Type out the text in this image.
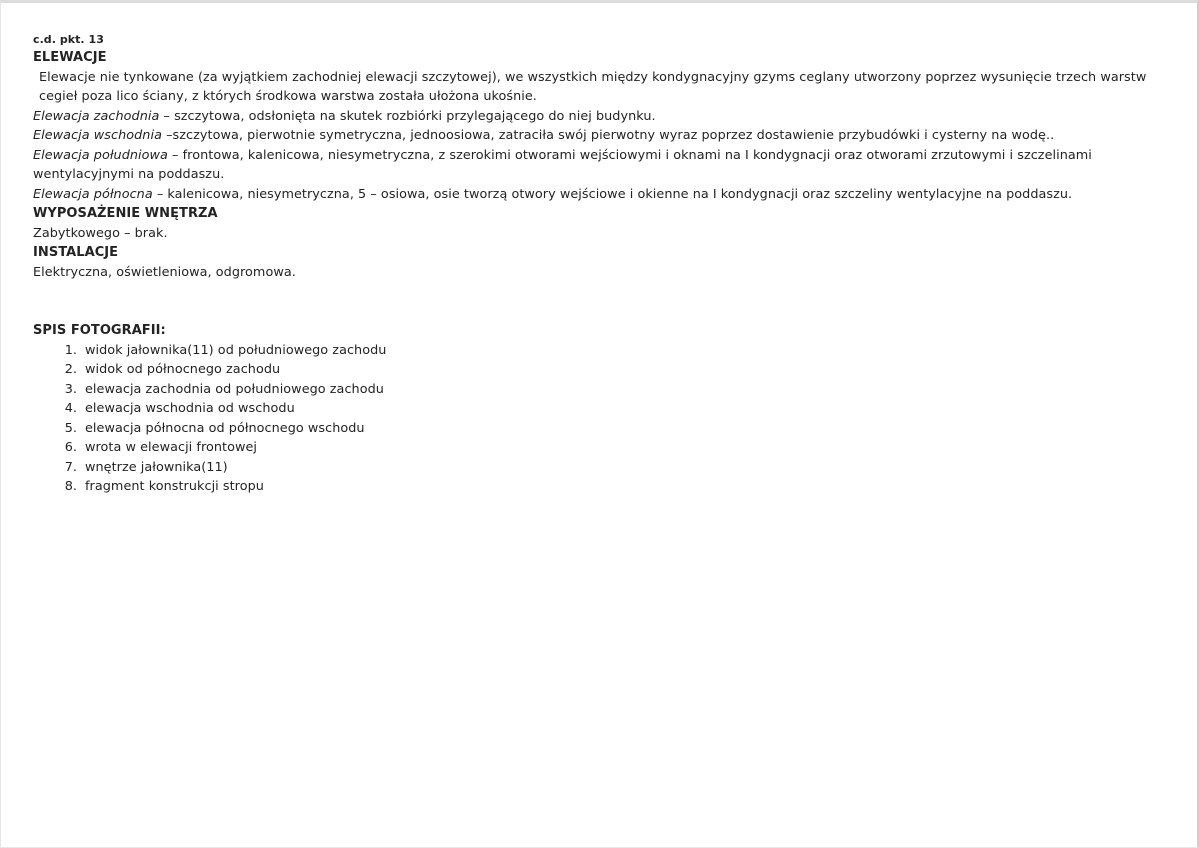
c.d. pkt. 13

ELEWACJE

Elewacje nie tynkowane (za wyjątkiem zachodniej elewacji szczytowej), we wszystkich między kondygnacyjny gzyms ceglany utworzony poprzez wysunięcie trzech warstw cegieł poza lico ściany, z których środkowa warstwa została ułożona ukośnie.

Elewacja zachodnia – szczytowa, odsłonięta na skutek rozbiórki przylegającego do niej budynku.

Elewacja wschodnia –szczytowa, pierwotnie symetryczna, jednoosiowa, zatraciła swój pierwotny wyraz poprzez dostawienie przybudówki i cysterny na wodę..

Elewacja południowa – frontowa, kalenicowa, niesymetryczna, z szerokimi otworami wejściowymi i oknami na I kondygnacji oraz otworami zrzutowymi i szczelinami wentylacyjnymi na poddaszu.

Elewacja północna – kalenicowa, niesymetryczna, 5 – osiowa, osie tworzą otwory wejściowe i okienne na I kondygnacji oraz szczeliny wentylacyjne na poddaszu.

WYPOSAŻENIE WNĘTRZA

Zabytkowego – brak.

INSTALACJE

Elektryczna, oświetleniowa, odgromowa.

SPIS FOTOGRAFII:

1. widok jałownika(11) od południowego zachodu
2. widok od północnego zachodu
3. elewacja zachodnia od południowego zachodu
4. elewacja wschodnia od wschodu
5. elewacja północna od północnego wschodu
6. wrota w elewacji frontowej
7. wnętrze jałownika(11)
8. fragment konstrukcji stropu
